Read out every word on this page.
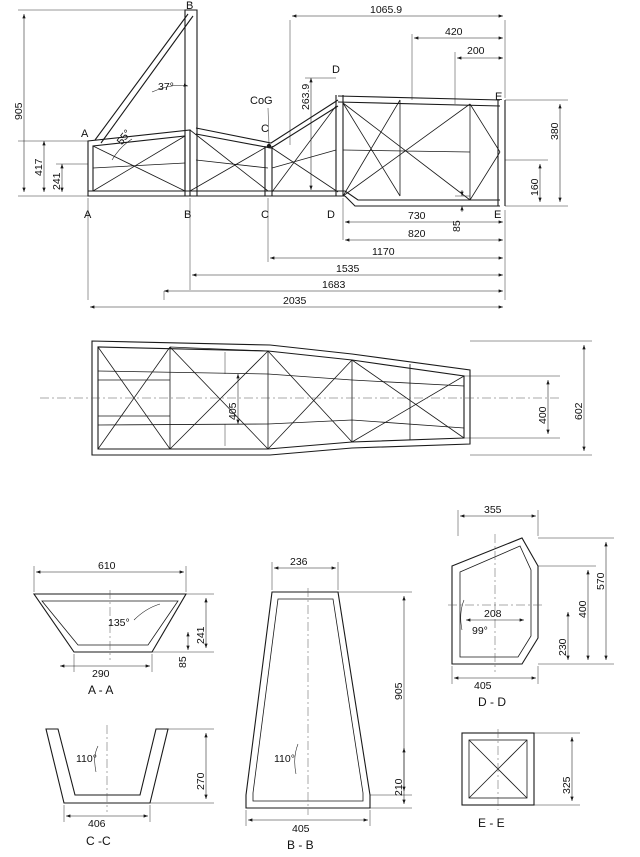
B
D
E
A	C
A	B	C	D	E
CoG
37°
55°
905
417
241
263.9
380
160
85
1065.9
420
200
730
820
1170
1535
1683
2035
405	400 602
610
290
241
85
135°
A - A
406
270
110°
C -C
236
905
210
405
110°
B - B
355
208
570
400
230
405
99°
D - D
325
E - E
